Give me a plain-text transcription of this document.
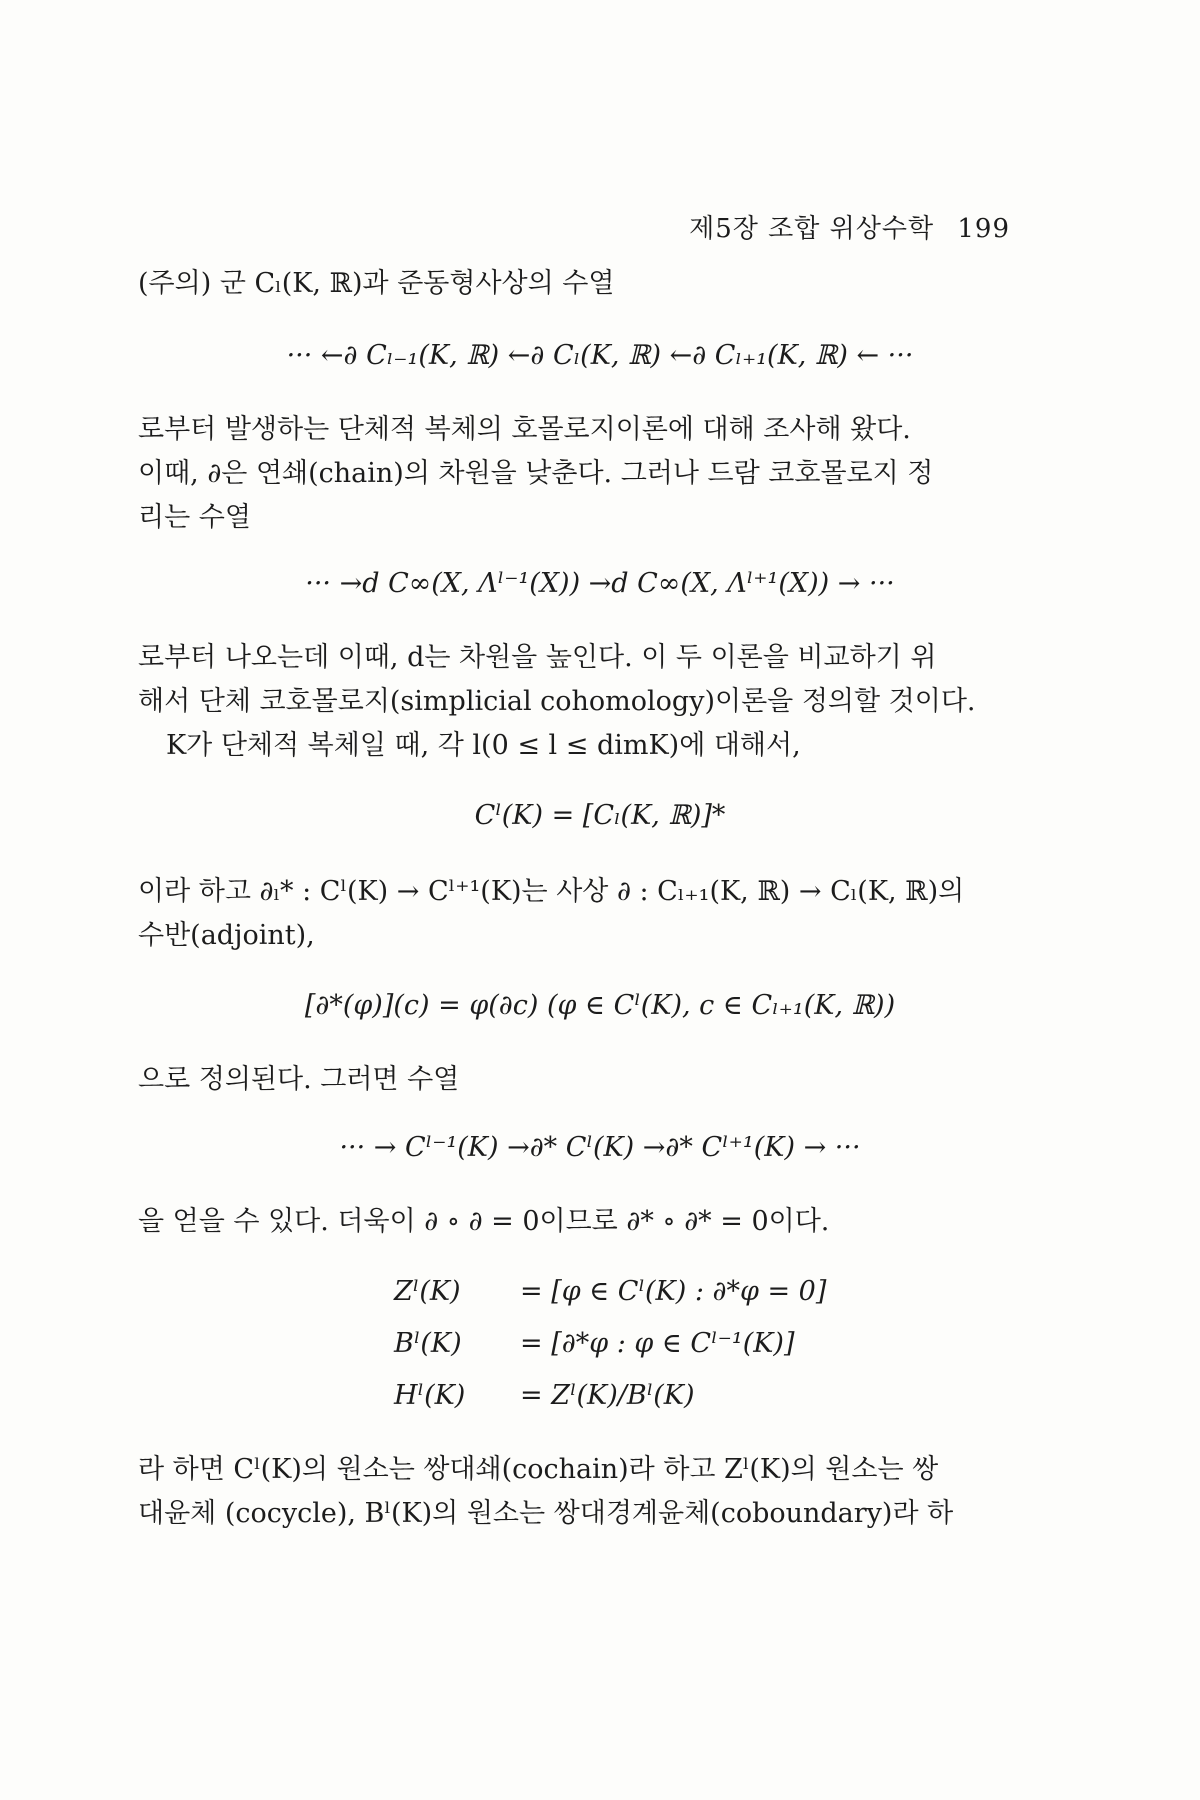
제5장 조합 위상수학 199
(주의) 군 Cₗ(K, ℝ)과 준동형사상의 수열
··· ←∂ Cₗ₋₁(K, ℝ) ←∂ Cₗ(K, ℝ) ←∂ Cₗ₊₁(K, ℝ) ← ···
로부터 발생하는 단체적 복체의 호몰로지이론에 대해 조사해 왔다.
이때, ∂은 연쇄(chain)의 차원을 낮춘다. 그러나 드람 코호몰로지 정
리는 수열
··· →d C∞(X, Λˡ⁻¹(X)) →d C∞(X, Λˡ⁺¹(X)) → ···
로부터 나오는데 이때, d는 차원을 높인다. 이 두 이론을 비교하기 위
해서 단체 코호몰로지(simplicial cohomology)이론을 정의할 것이다.
K가 단체적 복체일 때, 각 l(0 ≤ l ≤ dimK)에 대해서,
Cˡ(K) = [Cₗ(K, ℝ)]*
이라 하고 ∂ₗ* : Cˡ(K) → Cˡ⁺¹(K)는 사상 ∂ : Cₗ₊₁(K, ℝ) → Cₗ(K, ℝ)의
수반(adjoint),
[∂*(φ)](c) = φ(∂c) (φ ∈ Cˡ(K), c ∈ Cₗ₊₁(K, ℝ))
으로 정의된다. 그러면 수열
··· → Cˡ⁻¹(K) →∂* Cˡ(K) →∂* Cˡ⁺¹(K) → ···
을 얻을 수 있다. 더욱이 ∂ ∘ ∂ = 0이므로 ∂* ∘ ∂* = 0이다.
Zˡ(K)	= [φ ∈ Cˡ(K) : ∂*φ = 0]
Bˡ(K)	= [∂*φ : φ ∈ Cˡ⁻¹(K)]
Hˡ(K)	= Zˡ(K)/Bˡ(K)
라 하면 Cˡ(K)의 원소는 쌍대쇄(cochain)라 하고 Zˡ(K)의 원소는 쌍
대윤체 (cocycle), Bˡ(K)의 원소는 쌍대경계윤체(coboundary)라 하
